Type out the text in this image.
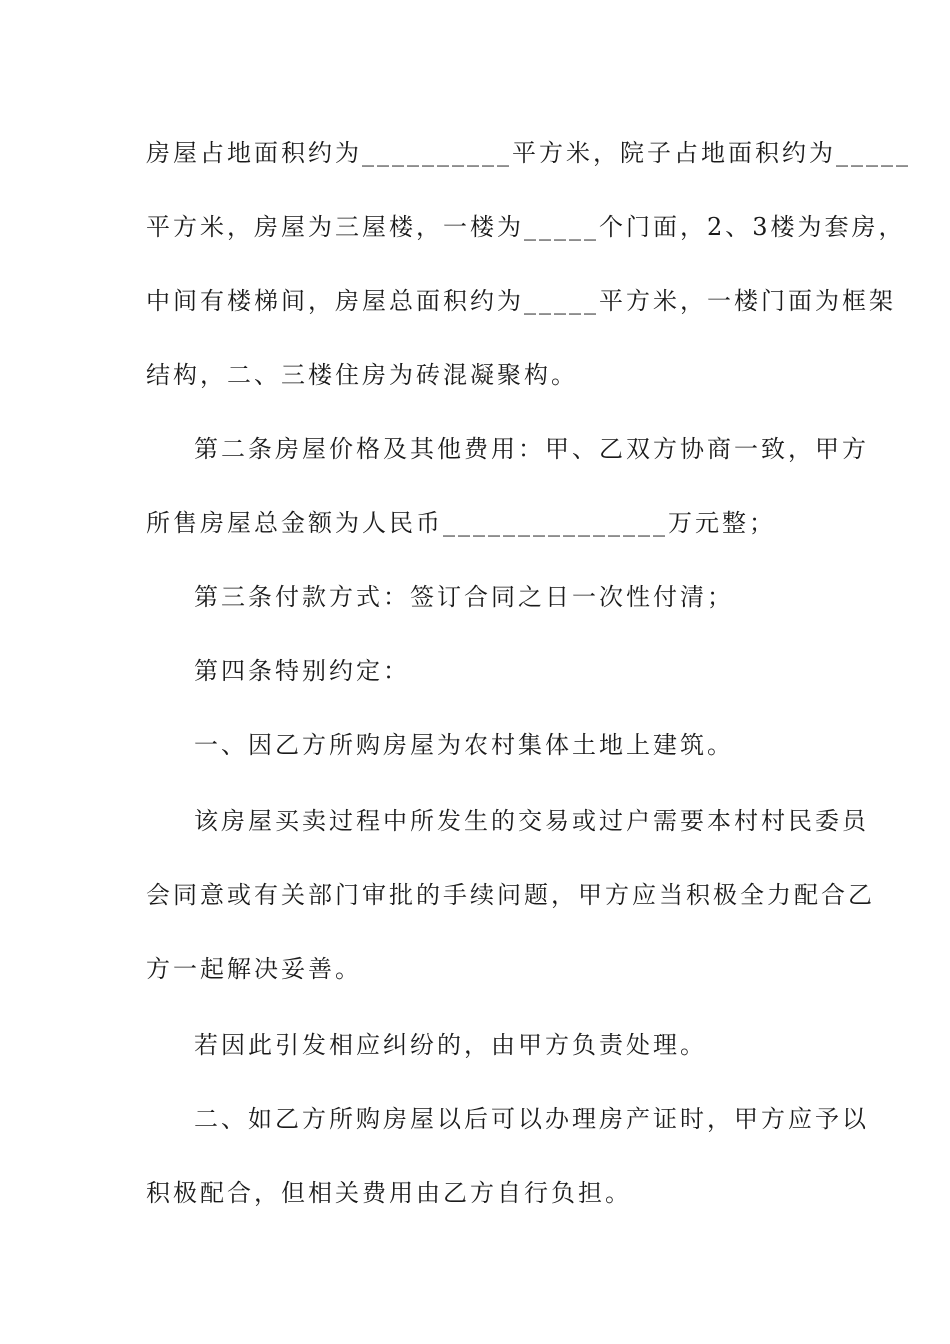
房屋占地面积约为__________平方米，院子占地面积约为_____
平方米，房屋为三屋楼，一楼为_____个门面，2、3楼为套房，
中间有楼梯间，房屋总面积约为_____平方米，一楼门面为框架
结构，二、三楼住房为砖混凝聚构。
第二条房屋价格及其他费用：甲、乙双方协商一致，甲方
所售房屋总金额为人民币_______________万元整；
第三条付款方式：签订合同之日一次性付清；
第四条特别约定：
一、因乙方所购房屋为农村集体土地上建筑。
该房屋买卖过程中所发生的交易或过户需要本村村民委员
会同意或有关部门审批的手续问题，甲方应当积极全力配合乙
方一起解决妥善。
若因此引发相应纠纷的，由甲方负责处理。
二、如乙方所购房屋以后可以办理房产证时，甲方应予以
积极配合，但相关费用由乙方自行负担。
